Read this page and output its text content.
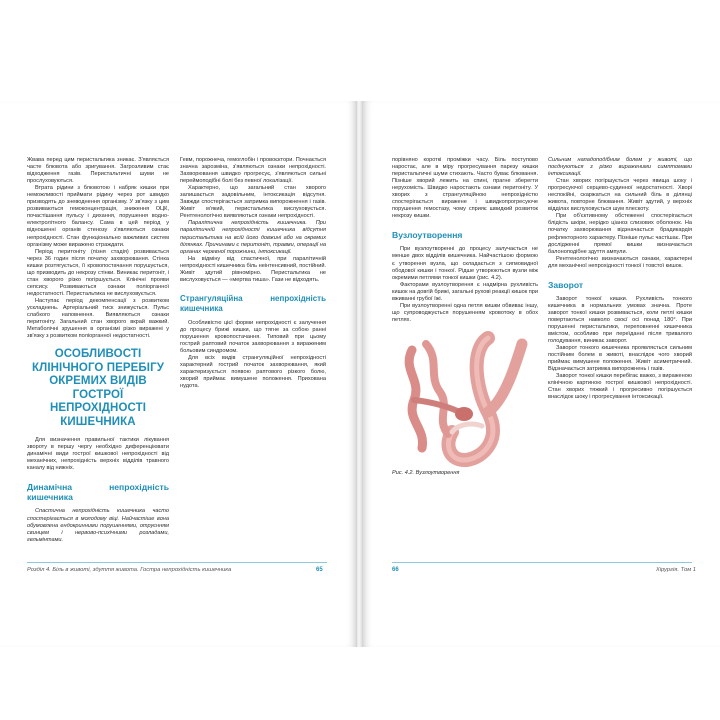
Жвава перед цим перистальтика зникає. З'являється часте блювота або зригування. Загрозливим стає відходження газів. Перистальтичні шуми не прослуховуються.

Втрата рідини з блювотою і набряк кишки при неможливості приймати рідину через рот швидко призводять до зневоднення організму. У зв'язку з цим розвиваються гемоконцентрація, зниження ОЦК, почастішання пульсу і дихання, порушення водно-електролітного балансу. Сама в цей період у відношенні органів стенозу з'являються ознаки непрохідності. Стан функціонально важливих систем організму може виражено страждати.

Період перитоніту (пізня стадія) розвивається через 36 годин після початку захворювання. Стінка кишки розтягується, її кровопостачання порушується, що призводить до некрозу стінки. Виникає перитоніт, і стан хворого різко погіршується. Клінічні прояви сепсису. Розвиваються ознаки поліорганної недостатності. Перистальтика не вислуховується.

Наступає період декомпенсації з розвитком ускладнень. Артеріальний тиск знижується. Пульс слабкого наповнення. Виявляються ознаки перитоніту. Загальний стан хворого вкрай важкий. Метаболічні зрушення в організмі різко виражені у зв'язку з розвитком поліорганної недостатності.

ОСОБЛИВОСТІ КЛІНІЧНОГО ПЕРЕБІГУ ОКРЕМИХ ВИДІВ ГОСТРОЇ НЕПРОХІДНОСТІ КИШЕЧНИКА

Для визначення правильної тактики лікування звороту в першу чергу необхідно диференціювати динамічні види гострої кишкової непрохідності від механічних, непрохідність верхніх відділів травного каналу від нижніх.

Динамічна непрохідність кишечника

Спастична непрохідність кишечника часто спостерігається в молодому віці. Найчастіше вона обумовлена ендокринними порушеннями, отруєнням свинцем і нервово-психічними розладами, гельмінтами.

Гевм, порожнеча, гемоглобін і провоєктори. Почнається значна зарозміна, з'являються ознаки непрохідності. Захворювання швидко прогресує, з'являються сильні переймоподібні болі без певної локалізації.

Характерно, що загальний стан хворого залишається задовільним, інтоксикація відсутня. Завжди спостерігається затримка випорожнення і газів. Живіт м'який, перистальтика вислуховується. Рентгенологічно виявляються ознаки непрохідності.

Паралітична непрохідність кишечника. При паралітичній непрохідності кишечника відсутня перистальтика на всій його довжині або на окремих ділянках. Причинами є перитоніт, травми, операції на органах черевної порожнини, інтоксикації.

На відміну від спастичної, при паралітичній непрохідності кишечника біль неінтенсивний, постійний. Живіт здутий рівномірно. Перистальтика не вислуховується — «мертва тиша». Гази не відходять.

Странгуляційна непрохідність кишечника

Особливістю цієї форми непрохідності є залучення до процесу брижі кишки, що тягне за собою ранні порушення кровопостачання. Типовий при цьому гострий раптовий початок захворювання з вираженим больовим синдромом.

Для всіх видів странгуляційної непрохідності характерний гострий початок захворювання, який характеризується появою раптового різкого болю, хворий приймає вимушене положення. Прихована нудота.

Розділ 4. Біль в животі, здуття живота. Гостра непрохідність кишечника	65

порівняно короткі проміжки часу. Біль поступово наростає, але в міру прогресування парезу кишки перистальтичні шуми стихають. Часто буває блювання. Пізніше хворий лежить на спині, прагне зберегти нерухомість. Швидко наростають ознаки перитоніту. У хворих з странгуляційною непрохідністю спостерігається виражене і швидкопрогресуюче порушення гемостазу, чому сприяє швидкий розвиток некрозу кишки.

Вузлоутворення

При вузлоутворенні до процесу залучається не менше двох відділів кишечника. Найчастішою формою є утворення вузла, що складається з сигмовидної ободової кишки і тонкої. Рідше утворюються вузли між окремими петлями тонкої кишки (рис. 4.2).

Факторами вузлоутворення є надмірна рухливість кишок на довгій брижі, загальні рухові реакції кишок при вживанні грубої їжі.

При вузлоутворенні одна петля кишки обвиває іншу, що супроводжується порушенням кровотоку в обох петлях.

Рис. 4.2. Вузлоутворення

Сильним нападоподібним болем у животі, що поєднуються з різко вираженими симптомами інтоксикації.

Стан хворих погіршується через явища шоку і прогресуючої серцево-судинної недостатності. Хворі неспокійні, скаржаться на сильний біль в ділянці живота, повторне блювання. Живіт здутий, у верхніх відділах вислуховується шум плескоту.

При об'єктивному обстеженні спостерігається блідість шкіри, нерідко ціаноз слизових оболонок. На початку захворювання відзначається брадикардія рефлекторного характеру. Пізніше пульс частішає. При дослідженні прямої кишки визначається балоноподібне здуття ампули.

Рентгенологічно визначаються ознаки, характерні для механічної непрохідності тонкої і товстої кишок.

Заворот

Заворот тонкої кишки. Рухливість тонкого кишечника в нормальних умовах значна. Проте заворот тонкої кишки розвивається, коли петлі кишки повертаються навколо своєї осі понад 180°. При порушенні перистальтики, переповненні кишечника вмістом, особливо при переїданні після тривалого голодування, виникає заворот.

Заворот тонкого кишечника проявляється сильним постійним болем в животі, внаслідок чого хворий приймає вимушене положення. Живіт асиметричний. Відзначається затримка випорожнень і газів.

Заворот тонкої кишки перебігає важко, з вираженою клінічною картиною гострої кишкової непрохідності. Стан хворих тяжкий і прогресивно погіршується внаслідок шоку і прогресування інтоксикації.

66	Хірургія. Том 1
